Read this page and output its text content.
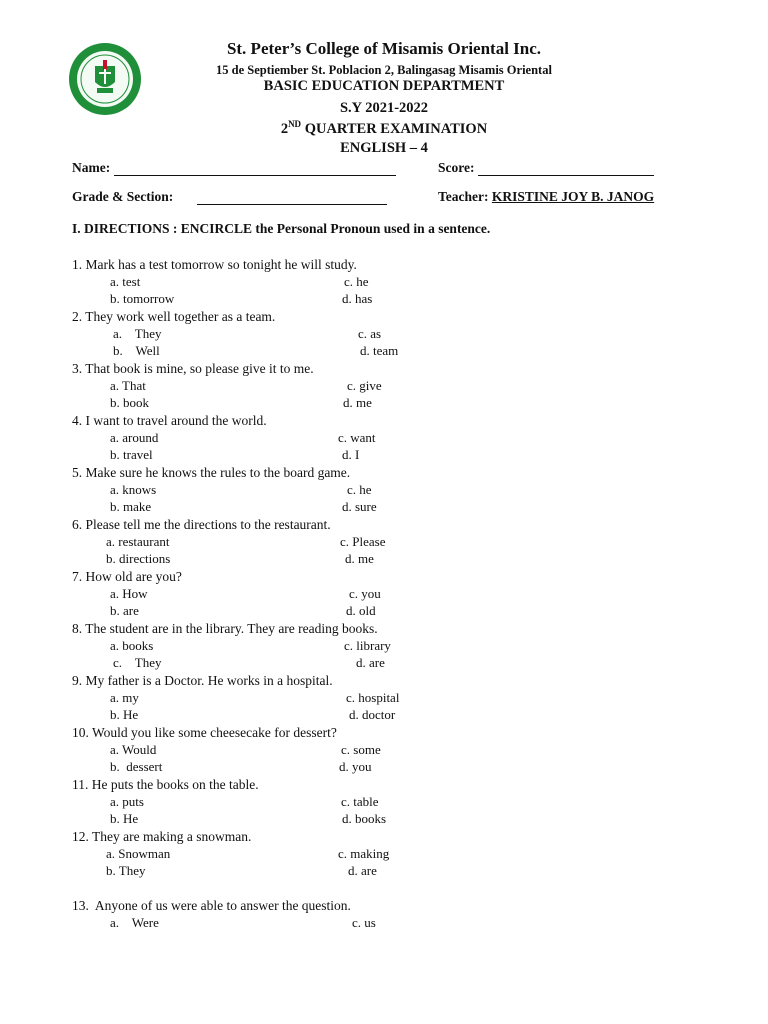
St. Peter’s College of Misamis Oriental Inc.
15 de Septiember St. Poblacion 2, Balingasag Misamis Oriental
BASIC EDUCATION DEPARTMENT
S.Y 2021-2022
2ND QUARTER EXAMINATION
ENGLISH – 4
Name:	Score:
Grade & Section:	Teacher: KRISTINE JOY B. JANOG
I. DIRECTIONS : ENCIRCLE the Personal Pronoun used in a sentence.
1. Mark has a test tomorrow so tonight he will study.
a. test	c. he
b. tomorrow	d. has
2. They work well together as a team.
a.    They	c. as
b.    Well	d. team
3. That book is mine, so please give it to me.
a. That	c. give
b. book	d. me
4. I want to travel around the world.
a. around	c. want
b. travel	d. I
5. Make sure he knows the rules to the board game.
a. knows	c. he
b. make	d. sure
6. Please tell me the directions to the restaurant.
a. restaurant	c. Please
b. directions	d. me
7. How old are you?
a. How	c. you
b. are	d. old
8. The student are in the library. They are reading books.
a. books	c. library
c.    They	d. are
9. My father is a Doctor. He works in a hospital.
a. my	c. hospital
b. He	d. doctor
10. Would you like some cheesecake for dessert?
a. Would	c. some
b.  dessert	d. you
11. He puts the books on the table.
a. puts	c. table
b. He	d. books
12. They are making a snowman.
a. Snowman	c. making
b. They	d. are
13.  Anyone of us were able to answer the question.
a.    Were	c. us
